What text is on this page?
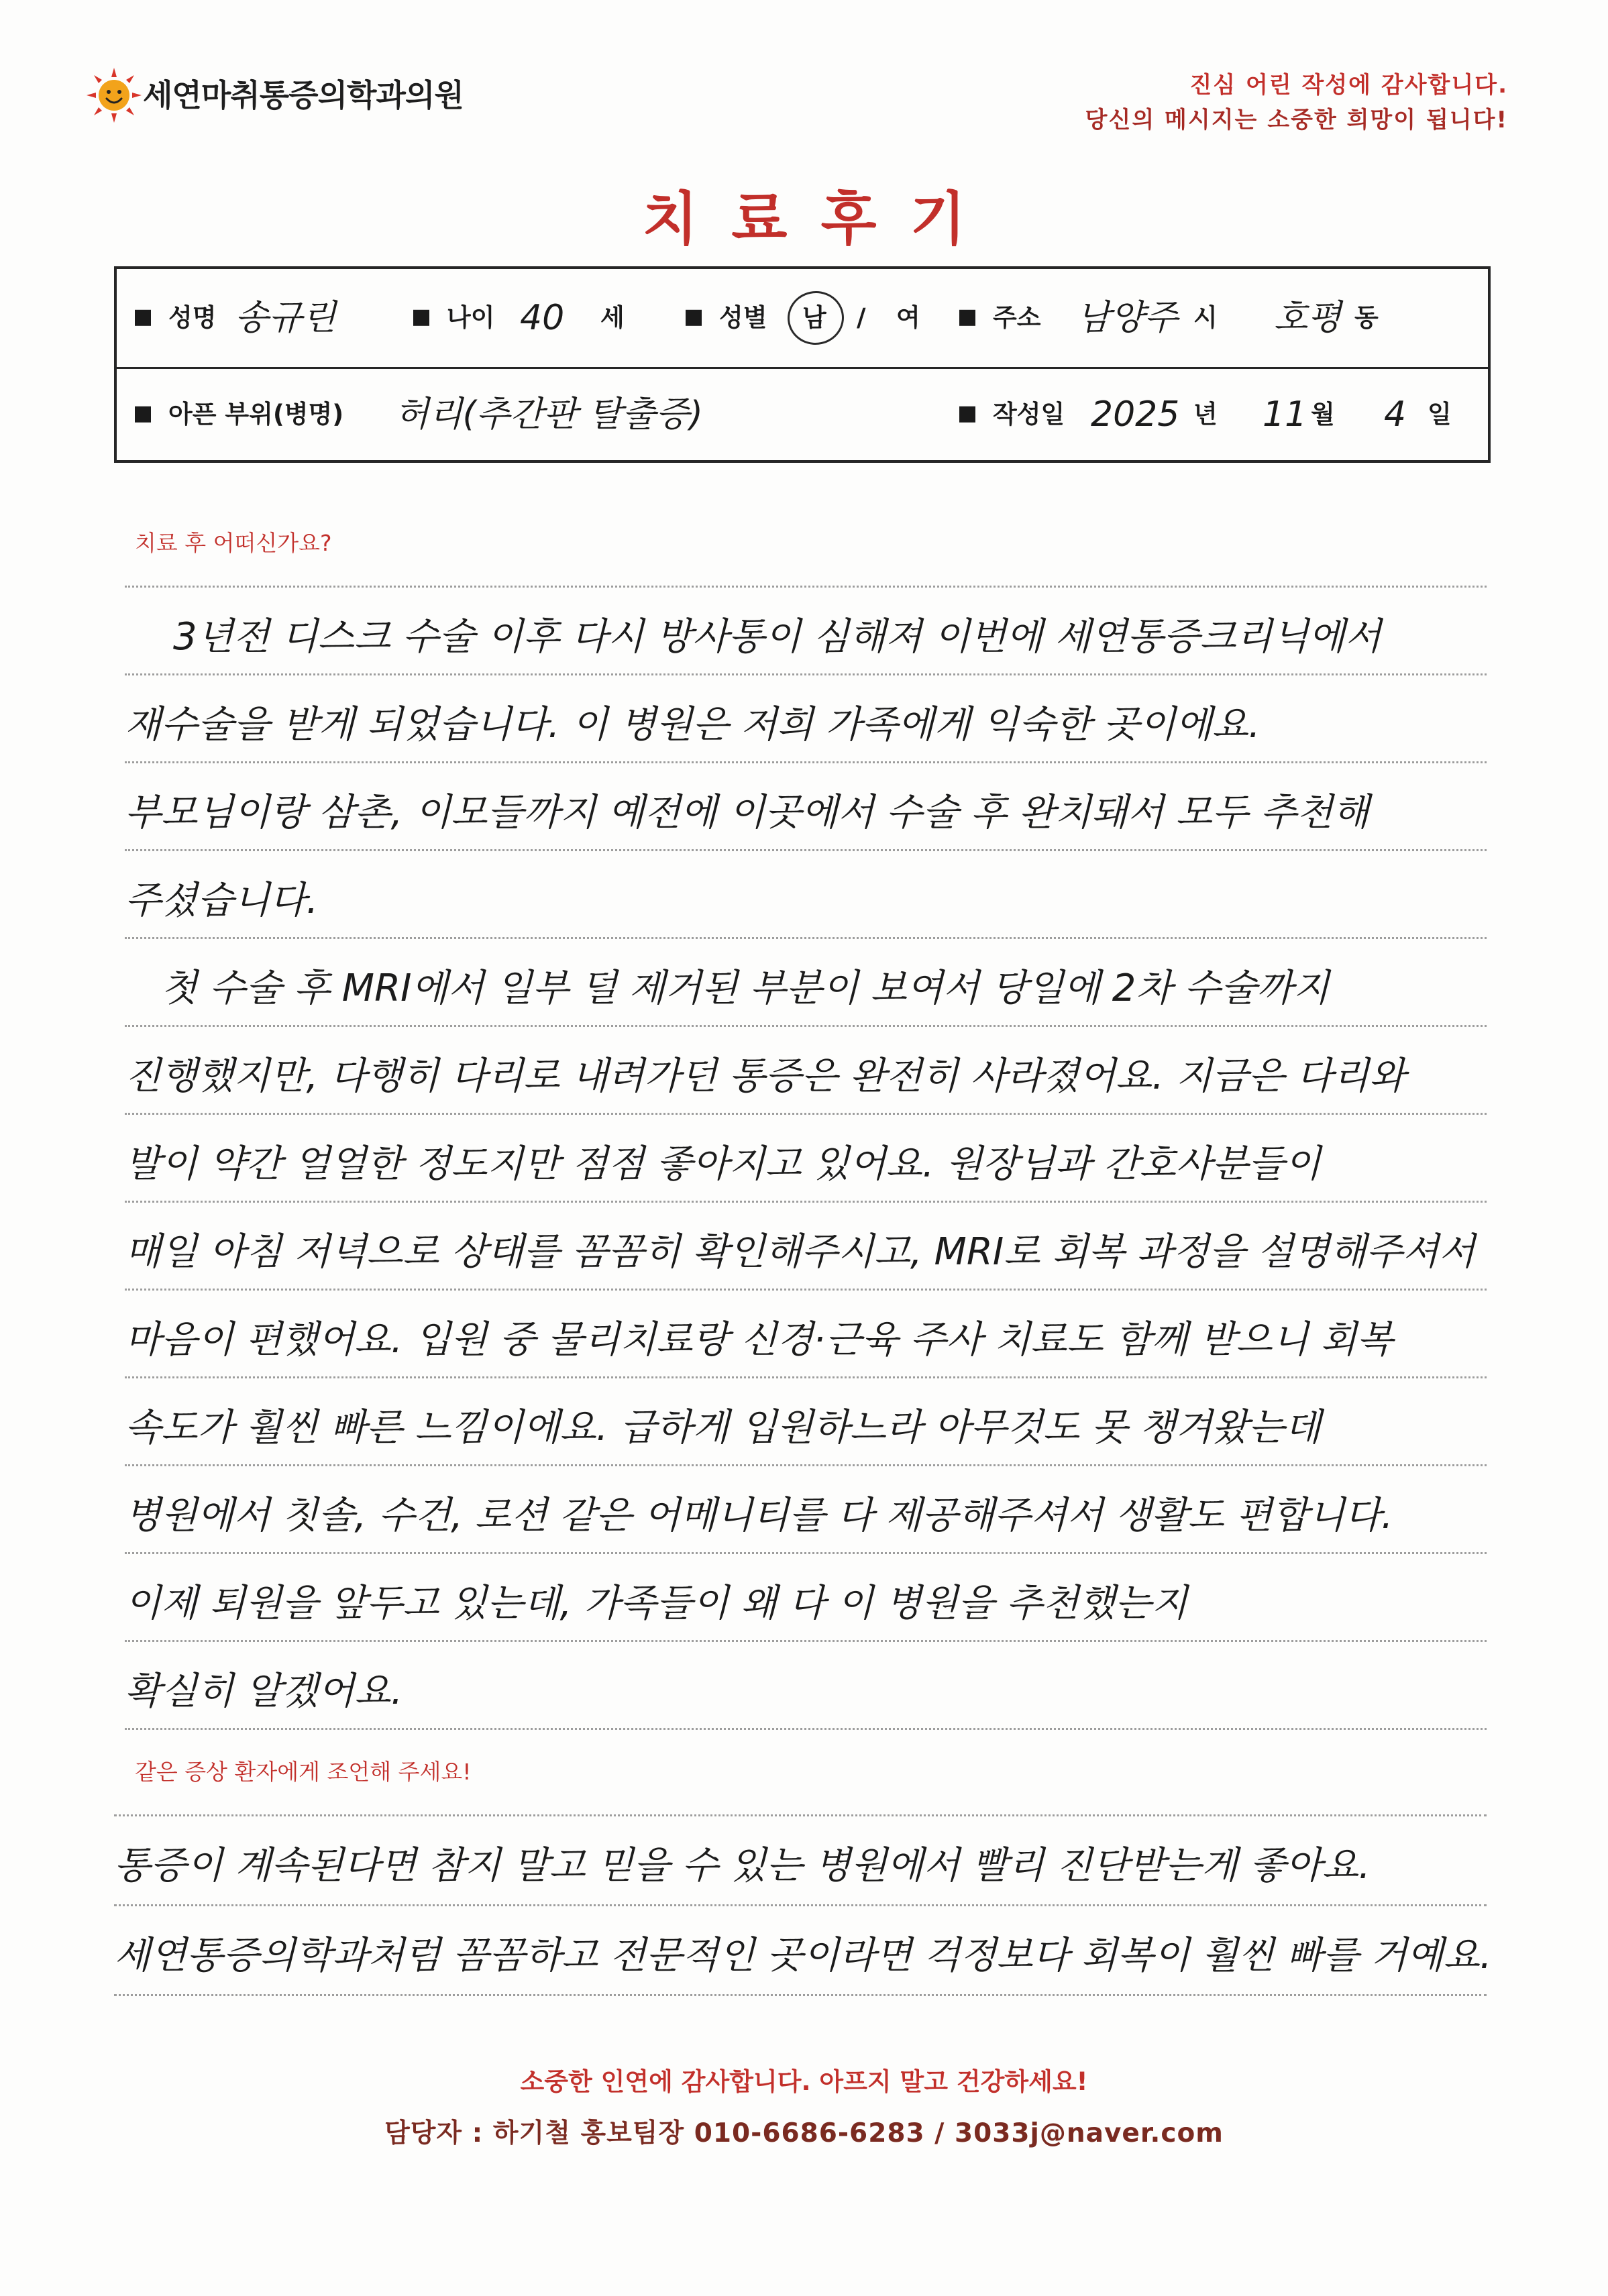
세연마취통증의학과의원	진심 어린 작성에 감사합니다.
당신의 메시지는 소중한 희망이 됩니다!
치료후기
성명 송규린	나이 40 세	성별 남 / 여	주소 남양주 시 호평 동
아픈 부위(병명) 허리(추간판 탈출증)	작성일 2025 년 11 월 4 일
치료 후 어떠신가요?
3년전 디스크 수술 이후 다시 방사통이 심해져 이번에 세연통증크리닉에서
재수술을 받게 되었습니다. 이 병원은 저희 가족에게 익숙한 곳이에요.
부모님이랑 삼촌, 이모들까지 예전에 이곳에서 수술 후 완치돼서 모두 추천해
주셨습니다.
첫 수술 후 MRI에서 일부 덜 제거된 부분이 보여서 당일에 2차 수술까지
진행했지만, 다행히 다리로 내려가던 통증은 완전히 사라졌어요. 지금은 다리와
발이 약간 얼얼한 정도지만 점점 좋아지고 있어요. 원장님과 간호사분들이
매일 아침 저녁으로 상태를 꼼꼼히 확인해주시고, MRI로 회복 과정을 설명해주셔서
마음이 편했어요. 입원 중 물리치료랑 신경·근육 주사 치료도 함께 받으니 회복
속도가 훨씬 빠른 느낌이에요. 급하게 입원하느라 아무것도 못 챙겨왔는데
병원에서 칫솔, 수건, 로션 같은 어메니티를 다 제공해주셔서 생활도 편합니다.
이제 퇴원을 앞두고 있는데, 가족들이 왜 다 이 병원을 추천했는지
확실히 알겠어요.
같은 증상 환자에게 조언해 주세요!
통증이 계속된다면 참지 말고 믿을 수 있는 병원에서 빨리 진단받는게 좋아요.
세연통증의학과처럼 꼼꼼하고 전문적인 곳이라면 걱정보다 회복이 훨씬 빠를 거예요.
소중한 인연에 감사합니다. 아프지 말고 건강하세요!
담당자 : 하기철 홍보팀장 010-6686-6283 / 3033j@naver.com
